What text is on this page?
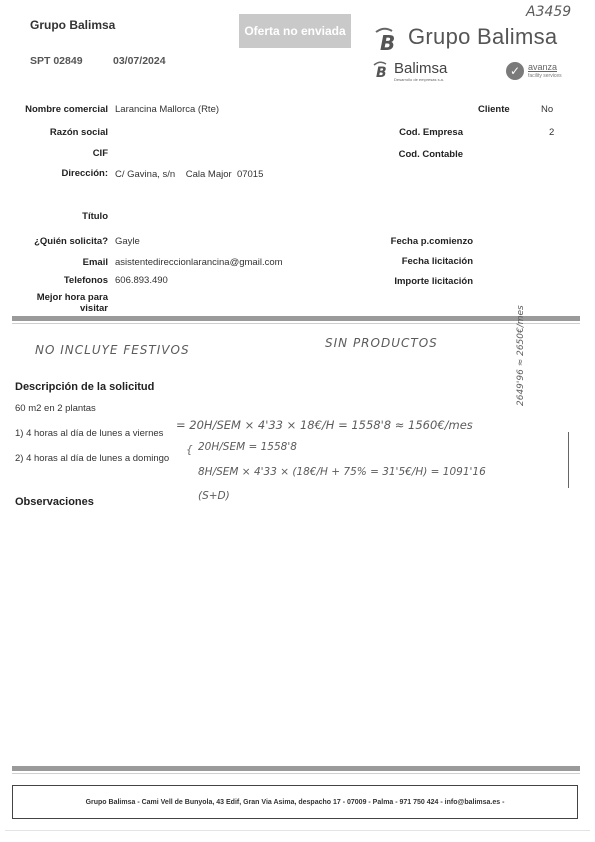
Grupo Balimsa
SPT 02849	03/07/2024
Oferta no enviada
A3459
B Grupo Balimsa
B Balimsa
Desarrollo de empresas s.a.
✓ avanza
facility services
Nombre comercial Larancina Mallorca (Rte)
Razón social
CIF
Dirección: C/ Gavina, s/n    Cala Major  07015
Cliente	No
Cod. Empresa	2
Cod. Contable
Título
¿Quién solicita? Gayle
Email asistentedireccionlarancina@gmail.com
Telefonos 606.893.490
Mejor hora para
visitar
Fecha p.comienzo
Fecha licitación
Importe licitación
NO INCLUYE FESTIVOS	SIN PRODUCTOS
Descripción de la solicitud
60 m2 en 2 plantas
1) 4 horas al día de lunes a viernes
2) 4 horas al día de lunes a domingo
= 20H/SEM × 4'33 × 18€/H = 1558'8 ≈ 1560€/mes
{ 20H/SEM = 1558'8
8H/SEM × 4'33 × (18€/H + 75% = 31'5€/H) = 1091'16
(S+D)
2649'96 ≈ 2650€/mes
Observaciones
Grupo Balimsa - Cami Vell de Bunyola, 43 Edif, Gran Via Asima, despacho 17 - 07009 - Palma - 971 750 424 - info@balimsa.es -
